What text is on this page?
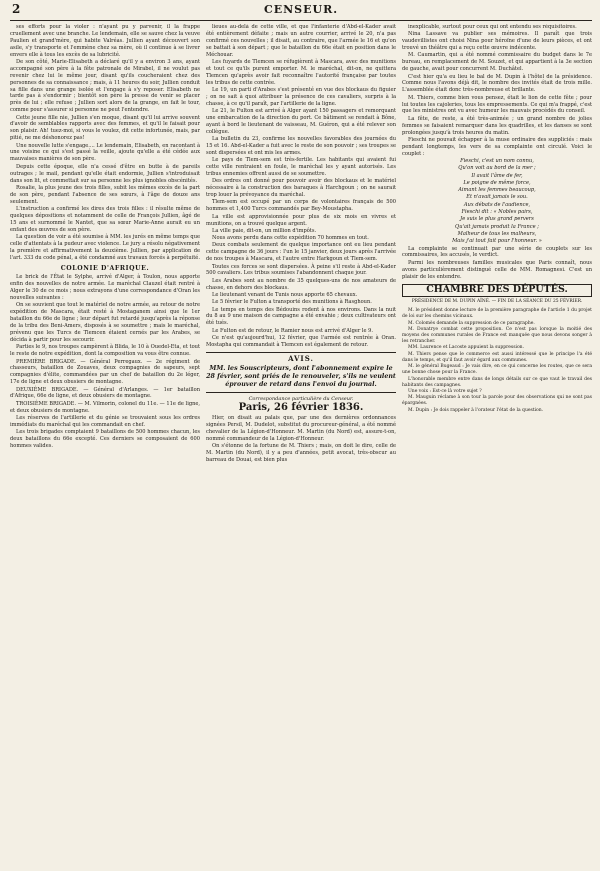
2	CENSEUR.

ses efforts pour la violer : n'ayant pu y parvenir, il la frappe cruellement avec une branche. Le lendemain, elle se sauve chez la veuve Paulien et grand'mère, qui habite Valréas. Jullien ayant découvert son asile, s'y transporte et l'emmène chez sa mère, où il continue à se livrer envers elle à tous les excès de sa lubricité.

De son côté, Marie-Elisabeth a déclaré qu'il y a environ 3 ans, ayant accompagné son père à la fête patronale de Mirabel, il ne voulut pas revenir chez lui le même jour, disant qu'ils coucheraient chez des personnes de sa connaissance ; mais, à 11 heures du soir, Jullien conduit sa fille dans une grange isolée et l'engage à s'y reposer. Elisabeth ne tarde pas à s'endormir ; bientôt son père la presse de venir se placer près de lui ; elle refuse ; Jullien sort alors de la grange, en fait le tour, comme pour s'assurer si personne ne peut l'entendre.

Cette jeune fille nie, Jullien s'en moque, disant qu'il lui arrive souvent d'avoir de semblables rapports avec des femmes, et qu'il le faisait pour son plaisir. Ah! tuez-moi, si vous le voulez, dit cette infortunée, mais, par pitié, ne me déshonorez pas!

Une nouvelle lutte s'engage.... Le lendemain, Elisabeth, en racontant à une voisine ce qui s'est passé la veille, ajoute qu'elle a été cédée aux mauvaises manières de son père.

Depuis cette époque, elle n'a cessé d'être en butte à de pareils outrages ; le mail, pendant qu'elle était endormie, Jullien s'introduisait dans son lit, et commettait sur sa personne les plus ignobles obscénités.

Rosalie, la plus jeune des trois filles, subit les mêmes excès de la part de son père, pendant l'absence de ses sœurs, à l'âge de douze ans seulement.

L'instruction a confirmé les dires des trois filles : il résulte même de quelques dépositions et notamment de celle de François Jullien, âgé de 15 ans et surnommé le Nantet, que sa sœur Marie-Anne aurait eu un enfant des œuvres de son père.

La question de voir a été soumise à MM. les jurés en même temps que celle d'attentats à la pudeur avec violence. Le jury a résolu négativement la première et affirmativement la deuxième. Jullien, par application de l'art. 333 du code pénal, a été condamné aux travaux forcés à perpétuité.

COLONIE D'AFRIQUE.

Le brick de l'État le Sylphe, arrivé d'Alger, à Toulon, nous apporte enfin des nouvelles de notre armée. Le maréchal Clauzel était rentré à Alger le 30 de ce mois ; nous extrayons d'une correspondance d'Oran les nouvelles suivantes :

On se souvient que tout le matériel de notre armée, au retour de notre expédition de Mascara, était resté à Mostaganem ainsi que le 1er bataillon du 66e de ligne ; leur départ fut retardé jusqu'après la réponse de la tribu des Beni-Amers, disposés à se soumettre ; mais le maréchal, prévenu que les Turcs de Tlemcen étaient cernés par les Arabes, se décida à partir pour les secourir.

Parties le 9, nos troupes campèrent à Blida, le 10 à Ouedel-Eta, et tout le reste de notre expédition, dont la composition va vous être connue.

PREMIÈRE BRIGADE. — Général Perregaux. — 2e régiment de chasseurs, bataillon de Zouaves, deux compagnies de sapeurs, sept compagnies d'élite, commandées par un chef de bataillon du 2e léger, 17e de ligne et deux obusiers de montagne.

DEUXIÈME BRIGADE. — Général d'Arlanges. — 1er bataillon d'Afrique, 66e de ligne, et deux obusiers de montagne.

TROISIÈME BRIGADE. — M. Vilmorin, colonel du 11e. — 11e de ligne, et deux obusiers de montagne.

Les réserves de l'artillerie et du génie se trouvaient sous les ordres immédiats du maréchal qui les commandait en chef.

Les trois brigades comptaient 9 bataillons de 500 hommes chacun, les deux bataillons du 66e excepté. Ces derniers se composaient de 600 hommes valides.

lieues au-delà de cette ville, et que l'infanterie d'Abd-el-Kader avait été entièrement défaite ; mais un autre courrier, arrivé le 20, n'a pas confirmé ces nouvelles ; il disait, au contraire, que l'armée le 16 et qu'on se battait à son départ ; que le bataillon du 66e était en position dans le Méchouar.

Les fuyards de Tlemcen se réfugièrent à Mascara, avec des munitions et tout ce qu'ils purent emporter. M. le maréchal, dit-on, ne quittera Tlemcen qu'après avoir fait reconnaître l'autorité française par toutes les tribus de cette contrée.

Le 19, un parti d'Arabes s'est présenté en vue des blockaus du figuier ; on ne sait à quoi attribuer la présence de ces cavaliers, surpris à la chasse, à ce qu'il paraît, par l'artillerie de la ligne.

Le 21, le Fulton est arrivé à Alger ayant 150 passagers et remorquant une embarcation de la direction du port. Ce bâtiment se rendait à Bône, ayant à bord le lieutenant de vaisseau, M. Guéron, qui a été relever son collègue.

La bulletin du 23, confirme les nouvelles favorables des journées du 15 et 16. Abd-el-Kader a fuit avec le reste de son pouvoir ; ses troupes se sont dispersées et ont mis les armes.

Le pays de Tlem-sem est très-fertile. Les habitants qui avaient fui cette ville rentraient en foule, le maréchal les y ayant autorisés. Les tribus ennemies offrent aussi de se soumettre.

Des ordres ont donné pour pouvoir avoir des blockaus et le matériel nécessaire à la construction des baraques à Harchgoun ; on ne saurait trop louer la prévoyance du maréchal.

Tlem-sem est occupé par un corps de volontaires français de 500 hommes et 1,400 Turcs commandés par Bey-Moustapha.

La ville est approvisionnée pour plus de six mois en vivres et munitions, on a trouvé quelque argent.

La ville paie, dit-on, un million d'impôts.

Nous avons perdu dans cette expédition 70 hommes en tout.

Deux combats seulement de quelque importance ont eu lieu pendant cette campagne de 36 jours : l'un le 15 janvier, deux jours après l'arrivée de nos troupes à Mascara, et l'autre entre Harkgoun et Tlem-sem.

Toutes ces forces se sont dispersées. À peine s'il reste à Abd-el-Kader 500 cavaliers. Les tribus soumises l'abandonnent chaque jour.

Les Arabes sont au nombre de 35 quelques-uns de nos amateurs de chasse, en dehors des blockaus.

Le lieutenant venant de Tunis nous apporte 65 chevaux.

Le 5 février le Fulton a transporté des munitions à Rasghoun.

Le temps en temps des Bédouins rodent à nos environs. Dans la nuit du 8 au 9 une maison de campagne a été envahie ; deux cultivateurs ont été tués.

Le Fulton est de retour, le Ramier nous est arrivé d'Alger le 9.

Ce n'est qu'aujourd'hui, 12 février, que l'armée est rentrée à Oran. Mostapha qui commandait à Tlemcen est également de retour.

AVIS.
MM. les Souscripteurs, dont l'abonnement expire le 28 février, sont priés de le renouveler, s'ils ne veulent éprouver de retard dans l'envoi du journal.
Correspondance particulière du Censeur.
Paris, 26 février 1836.

Hier, on disait au palais que, par une des dernières ordonnances signées Persil, M. Dudelot, substitut du procureur-général, a été nommé chevalier de la Légion-d'Honneur. M. Martin (du Nord) est, assure-t-on, nommé commandeur de la Légion-d'Honneur.

On s'étonne de la fortune de M. Thiers ; mais, on doit le dire, celle de M. Martin (du Nord), il y a peu d'années, petit avocat, très-obscur au barreau de Douai, est bien plus

inexplicable, surtout pour ceux qui ont entendu ses réquisitoires.

Nina Lassave va publier ses mémoires. Il paraît que trois vaudevillistes ont choisi Nina pour héroïne d'une de leurs pièces, et ont trouvé un théâtre qui a reçu cette œuvre indécente.

M. Caumartin, qui a été nommé commissaire du budget dans le 7e bureau, en remplacement de M. Souzet, et qui appartient à la 3e section de gauche, avait pour concurrent M. Duchâtel.

C'est hier qu'a eu lieu le bal de M. Dupin à l'hôtel de la présidence. Comme nous l'avons déjà dit, le nombre des invités était de trois mille. L'assemblée était donc très-nombreuse et brillante.

M. Thiers, comme bien vous pensez, était le lion de cette fête ; pour lui toutes les cajoleries, tous les empressements. Ce qui m'a frappé, c'est que les ministres ont vu avec humeur les mauvais procédés du conseil.

La fête, de reste, a été très-animée ; un grand nombre de jolies femmes se faisaient remarquer dans les quadrilles, et les danses se sont prolongées jusqu'à trois heures du matin.

Fieschi ne pouvait échapper à la muse ordinaire des suppliciés : mais pendant longtemps, les vers de sa complainte ont circulé. Voici le couplet :

Fieschi, c'est un nom connu,

Qu'on voit au bord de la mer ;

Il avait l'âme de fer,

Le poigne de même force,

Aimant les femmes beaucoup,

Et n'avait jamais le sou.

Aux débats de l'audience,

Fieschi dit : « Nobles pairs,

Je suis le plus grand pervers

Qu'ait jamais produit la France ;

Malheur de tous les malheurs,

Mais j'ai tout fait pour l'honneur. »

La complainte se continuait par une série de couplets sur les commissaires, les accusés, le verdict.

Parmi les nombreuses familles musicales que Paris connaît, nous avons particulièrement distingué celle de MM. Romagnesi. C'est un plaisir de les entendre.

CHAMBRE DES DÉPUTÉS.
PRÉSIDENCE DE M. DUPIN AÎNÉ. — FIN DE LA SÉANCE DU 25 FÉVRIER.

M. le président donne lecture de la première paragraphe de l'article 1 du projet de loi sur les chemins vicinaux.

M. Colomès demande la suppression de ce paragraphe.

M. Donatrye combat cette proposition. Ce n'est pas lorsque la moitié des moyens des communes rurales de France est manquée que nous devons songer à les retrancher.

MM. Laurence et Lacoste appuient la suppression.

M. Thiers pense que le commerce est aussi intéressé que le principe l'a été dans le temps, et qu'il faut avoir égard aux communes.

M. le général Bugeaud : Je vais dire, en ce qui concerne les routes, que ce sera une bonne chose pour la France.

L'honorable membre entre dans de longs détails sur ce que vaut le travail des habitants des campagnes.

Une voix : Est-ce là votre sujet ?

M. Mauguin réclame à son tour la parole pour des observations qui ne sont pas épargnées.

M. Dupin : Je dois rappeler à l'orateur l'état de la question.
